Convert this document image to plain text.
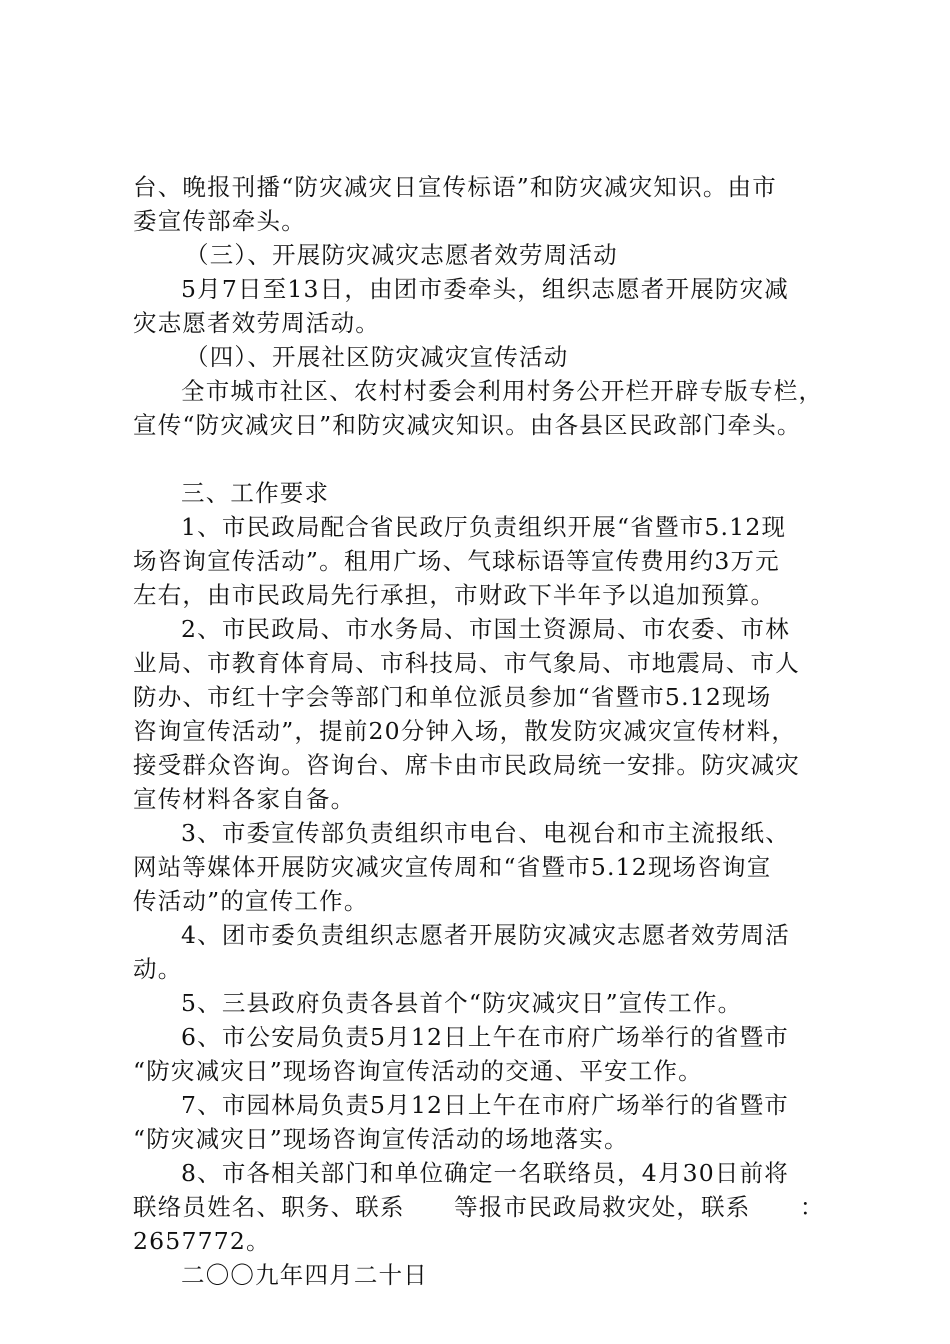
台、晚报刊播“防灾减灾日宣传标语”和防灾减灾知识。由市
委宣传部牵头。
（三）、开展防灾减灾志愿者效劳周活动
5月7日至13日，由团市委牵头，组织志愿者开展防灾减
灾志愿者效劳周活动。
（四）、开展社区防灾减灾宣传活动
全市城市社区、农村村委会利用村务公开栏开辟专版专栏，
宣传“防灾减灾日”和防灾减灾知识。由各县区民政部门牵头。
三、工作要求
1、市民政局配合省民政厅负责组织开展“省暨市5.12现
场咨询宣传活动”。租用广场、气球标语等宣传费用约3万元
左右，由市民政局先行承担，市财政下半年予以追加预算。
2、市民政局、市水务局、市国土资源局、市农委、市林
业局、市教育体育局、市科技局、市气象局、市地震局、市人
防办、市红十字会等部门和单位派员参加“省暨市5.12现场
咨询宣传活动”，提前20分钟入场，散发防灾减灾宣传材料，
接受群众咨询。咨询台、席卡由市民政局统一安排。防灾减灾
宣传材料各家自备。
3、市委宣传部负责组织市电台、电视台和市主流报纸、
网站等媒体开展防灾减灾宣传周和“省暨市5.12现场咨询宣
传活动”的宣传工作。
4、团市委负责组织志愿者开展防灾减灾志愿者效劳周活
动。
5、三县政府负责各县首个“防灾减灾日”宣传工作。
6、市公安局负责5月12日上午在市府广场举行的省暨市
“防灾减灾日”现场咨询宣传活动的交通、平安工作。
7、市园林局负责5月12日上午在市府广场举行的省暨市
“防灾减灾日”现场咨询宣传活动的场地落实。
8、市各相关部门和单位确定一名联络员，4月30日前将
联络员姓名、职务、联系　　等报市民政局救灾处，联系　　：
2657772。
二〇〇九年四月二十日
